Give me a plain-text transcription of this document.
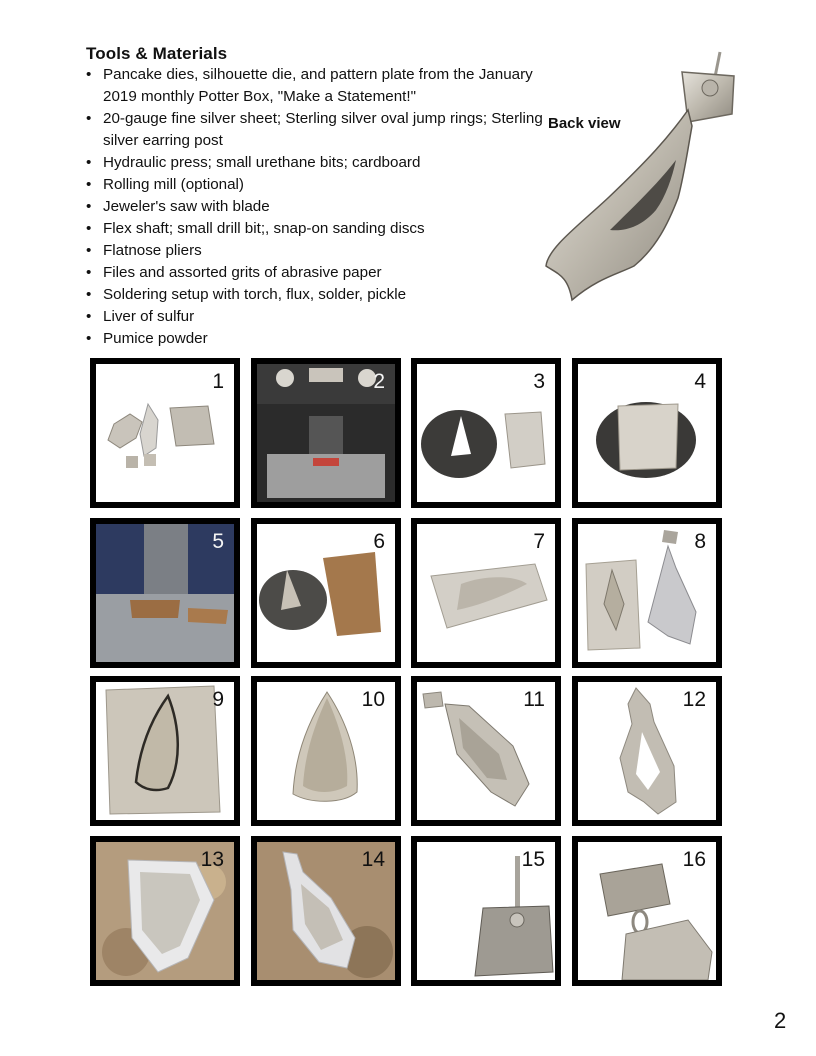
Tools & Materials
• Pancake dies, silhouette die, and pattern plate from the January 2019 monthly Potter Box, "Make a Statement!"
• 20-gauge fine silver sheet; Sterling silver oval jump rings; Sterling silver earring post
• Hydraulic press; small urethane bits; cardboard
• Rolling mill (optional)
• Jeweler's saw with blade
• Flex shaft; small drill bit;, snap-on sanding discs
• Flatnose pliers
• Files and assorted grits of abrasive paper
• Soldering setup with torch, flux, solder, pickle
• Liver of sulfur
• Pumice powder
Back view
1	2	3	4
5	6	7	8
9	10	11	12
13	14	15	16
2
